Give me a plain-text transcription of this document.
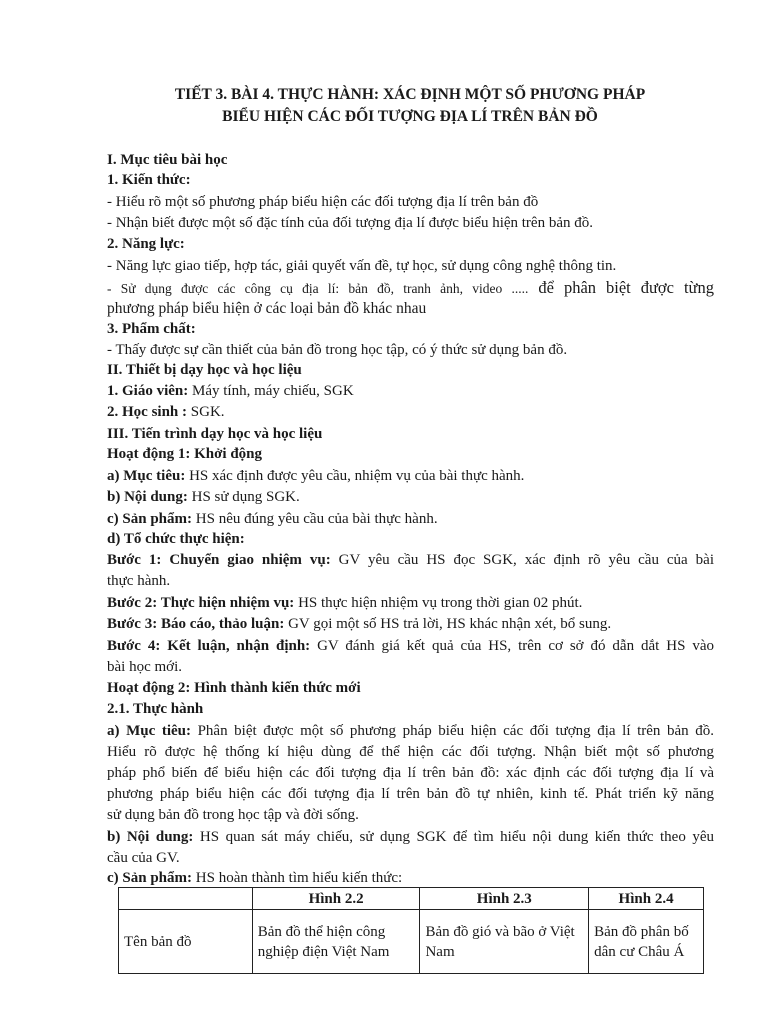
TIẾT 3. BÀI 4. THỰC HÀNH: XÁC ĐỊNH MỘT SỐ PHƯƠNG PHÁP
BIỂU HIỆN CÁC ĐỐI TƯỢNG ĐỊA LÍ TRÊN BẢN ĐỒ
I. Mục tiêu bài học
1. Kiến thức:
- Hiểu rõ một số phương pháp biểu hiện các đối tượng địa lí trên bản đồ
- Nhận biết được một số đặc tính của đối tượng địa lí được biểu hiện trên bản đồ.
2. Năng lực:
- Năng lực giao tiếp, hợp tác, giải quyết vấn đề, tự học, sử dụng công nghệ thông tin.
- Sử dụng được các công cụ địa lí: bản đồ, tranh ảnh, video ..... để phân biệt được từng
phương pháp biểu hiện ở các loại bản đồ khác nhau
3. Phẩm chất:
- Thấy được sự cần thiết của bản đồ trong học tập, có ý thức sử dụng bản đồ.
II. Thiết bị dạy học và học liệu
1. Giáo viên: Máy tính, máy chiếu, SGK
2. Học sinh : SGK.
III. Tiến trình dạy học và học liệu
Hoạt động 1: Khởi động
a) Mục tiêu: HS xác định được yêu cầu, nhiệm vụ của bài thực hành.
b) Nội dung: HS sử dụng SGK.
c) Sản phẩm: HS nêu đúng yêu cầu của bài thực hành.
d) Tổ chức thực hiện:
Bước 1: Chuyển giao nhiệm vụ: GV yêu cầu HS đọc SGK, xác định rõ yêu cầu của bài
thực hành.
Bước 2: Thực hiện nhiệm vụ: HS thực hiện nhiệm vụ trong thời gian 02 phút.
Bước 3: Báo cáo, thảo luận: GV gọi một số HS trả lời, HS khác nhận xét, bổ sung.
Bước 4: Kết luận, nhận định: GV đánh giá kết quả của HS, trên cơ sở đó dẫn dắt HS vào
bài học mới.
Hoạt động 2: Hình thành kiến thức mới
2.1. Thực hành
a) Mục tiêu: Phân biệt được một số phương pháp biểu hiện các đối tượng địa lí trên bản đồ.
Hiểu rõ được hệ thống kí hiệu dùng để thể hiện các đối tượng. Nhận biết một số phương
pháp phổ biến để biểu hiện các đối tượng địa lí trên bản đồ: xác định các đối tượng địa lí và
phương pháp biểu hiện các đối tượng địa lí trên bản đồ tự nhiên, kinh tế. Phát triển kỹ năng
sử dụng bản đồ trong học tập và đời sống.
b) Nội dung: HS quan sát máy chiếu, sử dụng SGK để tìm hiểu nội dung kiến thức theo yêu
cầu của GV.
c) Sản phẩm: HS hoàn thành tìm hiểu kiến thức:
	Hình 2.2	Hình 2.3	Hình 2.4
Tên bản đồ	Bản đồ thể hiện công nghiệp điện Việt Nam	Bản đồ gió và bão ở Việt Nam	Bản đồ phân bố dân cư Châu Á
